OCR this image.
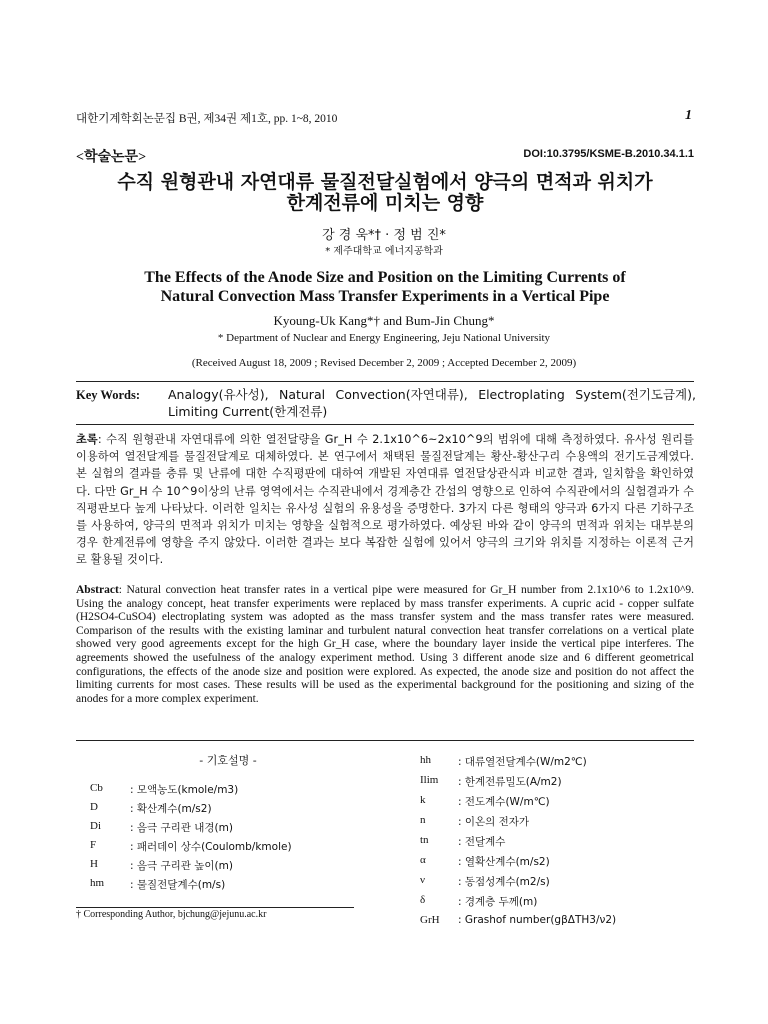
대한기계학회논문집 B권, 제34권 제1호, pp. 1~8, 2010	1
<학술논문>	DOI:10.3795/KSME-B.2010.34.1.1
수직 원형관내 자연대류 물질전달실험에서 양극의 면적과 위치가
한계전류에 미치는 영향
강 경 욱*† · 정 범 진*
* 제주대학교 에너지공학과
The Effects of the Anode Size and Position on the Limiting Currents of
Natural Convection Mass Transfer Experiments in a Vertical Pipe
Kyoung-Uk Kang*† and Bum-Jin Chung*
* Department of Nuclear and Energy Engineering, Jeju National University
(Received August 18, 2009 ; Revised December 2, 2009 ; Accepted December 2, 2009)
Key Words: Analogy(유사성), Natural Convection(자연대류), Electroplating System(전기도금계), Limiting Current(한계전류)
초록: 수직 원형관내 자연대류에 의한 열전달량을 Gr_H 수 2.1x10^6~2x10^9의 범위에 대해 측정하였다. 유사성 원리를 이용하여 열전달계를 물질전달계로 대체하였다. 본 연구에서 채택된 물질전달계는 황산-황산구리 수용액의 전기도금계였다. 본 실험의 결과를 층류 및 난류에 대한 수직평판에 대하여 개발된 자연대류 열전달상관식과 비교한 결과, 일치함을 확인하였다. 다만 Gr_H 수 10^9이상의 난류 영역에서는 수직관내에서 경계층간 간섭의 영향으로 인하여 수직관에서의 실험결과가 수직평판보다 높게 나타났다. 이러한 일치는 유사성 실험의 유용성을 증명한다. 3가지 다른 형태의 양극과 6가지 다른 기하구조를 사용하여, 양극의 면적과 위치가 미치는 영향을 실험적으로 평가하였다. 예상된 바와 같이 양극의 면적과 위치는 대부분의 경우 한계전류에 영향을 주지 않았다. 이러한 결과는 보다 복잡한 실험에 있어서 양극의 크기와 위치를 지정하는 이론적 근거로 활용될 것이다.
Abstract: Natural convection heat transfer rates in a vertical pipe were measured for Gr_H number from 2.1x10^6 to 1.2x10^9. Using the analogy concept, heat transfer experiments were replaced by mass transfer experiments. A cupric acid - copper sulfate (H2SO4-CuSO4) electroplating system was adopted as the mass transfer system and the mass transfer rates were measured. Comparison of the results with the existing laminar and turbulent natural convection heat transfer correlations on a vertical plate showed very good agreements except for the high Gr_H case, where the boundary layer inside the vertical pipe interferes. The agreements showed the usefulness of the analogy experiment method. Using 3 different anode size and 6 different geometrical configurations, the effects of the anode size and position were explored. As expected, the anode size and position do not affect the limiting currents for most cases. These results will be used as the experimental background for the positioning and sizing of the anodes for a more complex experiment.
- 기호설명 -
Cb	: 모액농도(kmole/m3)
D	: 확산계수(m/s2)
Di	: 음극 구리관 내경(m)
F	: 패러데이 상수(Coulomb/kmole)
H	: 음극 구리관 높이(m)
hm : 물질전달계수(m/s)
hh	: 대류열전달계수(W/m2℃)
Ilim : 한계전류밀도(A/m2)
k	: 전도계수(W/m℃)
n	: 이온의 전자가
tn	: 전달계수
α	: 열확산계수(m/s2)
ν	: 동점성계수(m2/s)
δ	: 경계층 두께(m)
GrH : Grashof number(gβΔTH3/ν2)
† Corresponding Author, bjchung@jejunu.ac.kr
